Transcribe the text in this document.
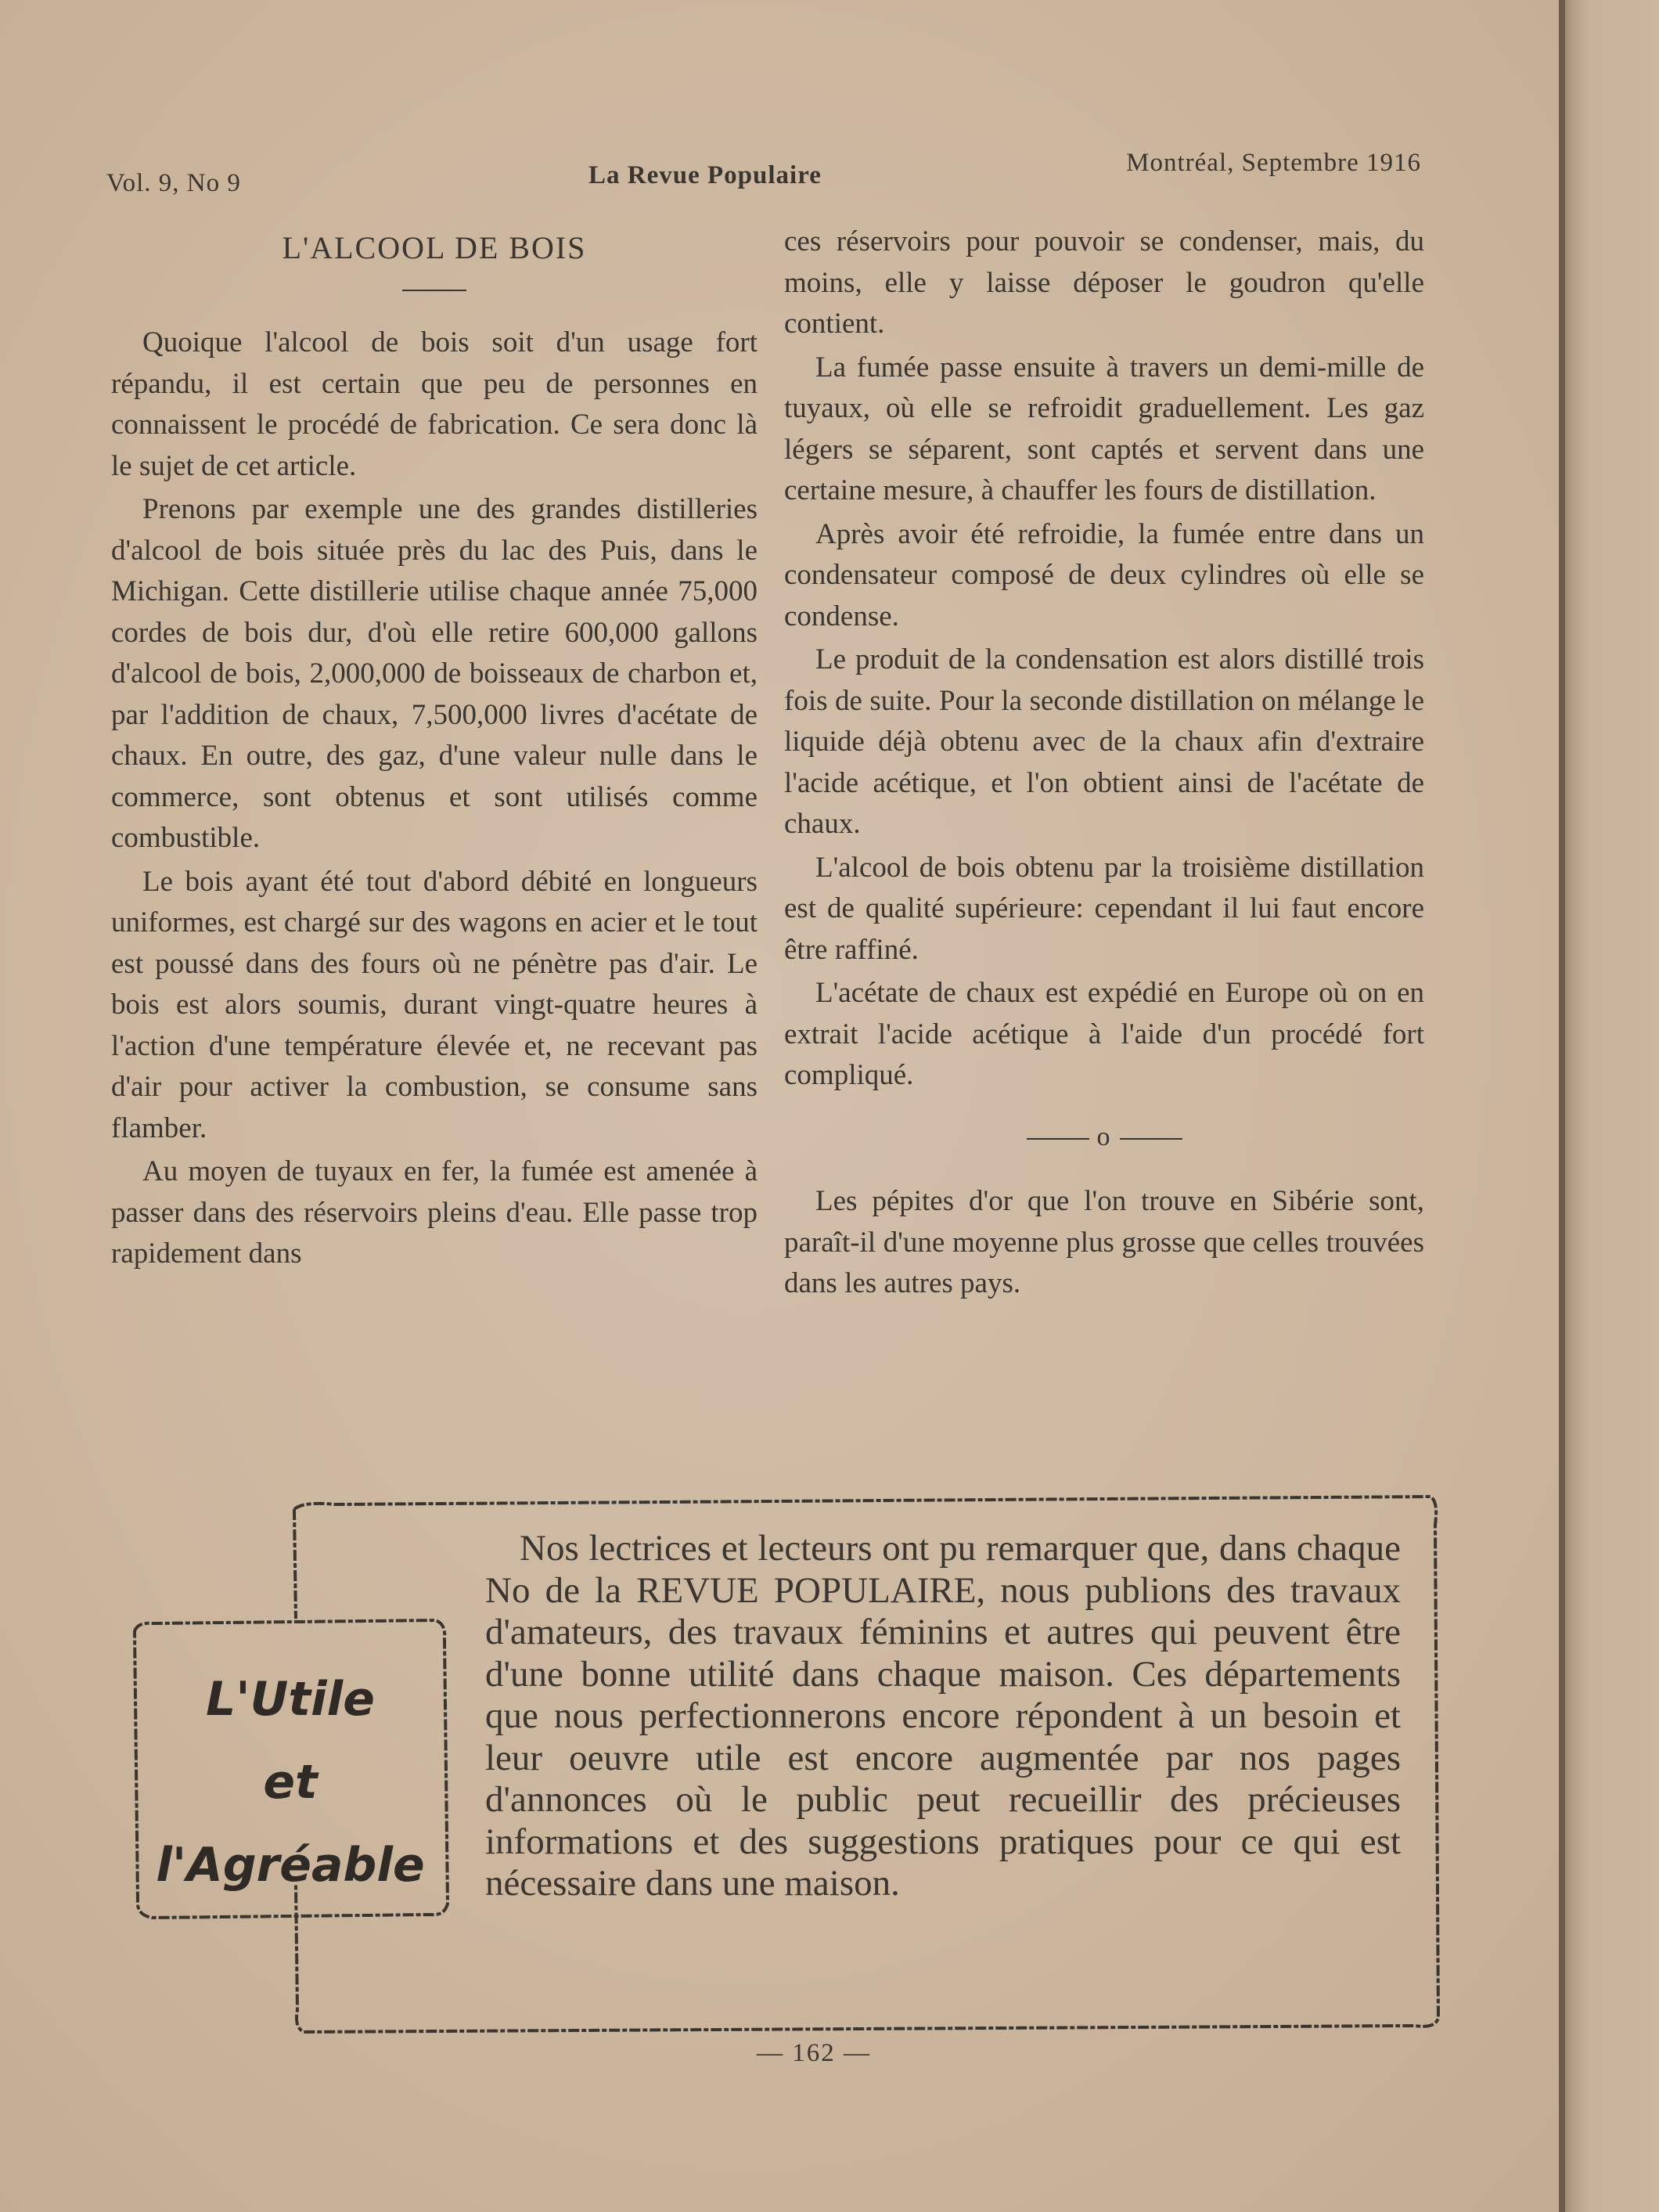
Vol. 9, No 9	La Revue Populaire	Montréal, Septembre 1916
L'ALCOOL DE BOIS

Quoique l'alcool de bois soit d'un usage fort répandu, il est certain que peu de personnes en connaissent le procédé de fabrication. Ce sera donc là le sujet de cet article.

Prenons par exemple une des grandes distilleries d'alcool de bois située près du lac des Puis, dans le Michigan. Cette distillerie utilise chaque année 75,000 cordes de bois dur, d'où elle retire 600,000 gallons d'alcool de bois, 2,000,000 de boisseaux de charbon et, par l'addition de chaux, 7,500,000 livres d'acétate de chaux. En outre, des gaz, d'une valeur nulle dans le commerce, sont obtenus et sont utilisés comme combustible.

Le bois ayant été tout d'abord débité en longueurs uniformes, est chargé sur des wagons en acier et le tout est poussé dans des fours où ne pénètre pas d'air. Le bois est alors soumis, durant vingt-quatre heures à l'action d'une température élevée et, ne recevant pas d'air pour activer la combustion, se consume sans flamber.

Au moyen de tuyaux en fer, la fumée est amenée à passer dans des réservoirs pleins d'eau. Elle passe trop rapidement dans

ces réservoirs pour pouvoir se condenser, mais, du moins, elle y laisse déposer le goudron qu'elle contient.

La fumée passe ensuite à travers un demi-mille de tuyaux, où elle se refroidit graduellement. Les gaz légers se séparent, sont captés et servent dans une certaine mesure, à chauffer les fours de distillation.

Après avoir été refroidie, la fumée entre dans un condensateur composé de deux cylindres où elle se condense.

Le produit de la condensation est alors distillé trois fois de suite. Pour la seconde distillation on mélange le liquide déjà obtenu avec de la chaux afin d'extraire l'acide acétique, et l'on obtient ainsi de l'acétate de chaux.

L'alcool de bois obtenu par la troisième distillation est de qualité supérieure: cependant il lui faut encore être raffiné.

L'acétate de chaux est expédié en Europe où on en extrait l'acide acétique à l'aide d'un procédé fort compliqué.

o

Les pépites d'or que l'on trouve en Sibérie sont, paraît-il d'une moyenne plus grosse que celles trouvées dans les autres pays.

Nos lectrices et lecteurs ont pu remarquer que, dans chaque No de la REVUE POPULAIRE, nous publions des travaux d'amateurs, des travaux féminins et autres qui peuvent être d'une bonne utilité dans chaque maison. Ces départements que nous perfectionnerons encore répondent à un besoin et leur oeuvre utile est encore augmentée par nos pages d'annonces où le public peut recueillir des précieuses informations et des suggestions pratiques pour ce qui est nécessaire dans une maison.
L'Utile
et
l'Agréable
— 162 —
